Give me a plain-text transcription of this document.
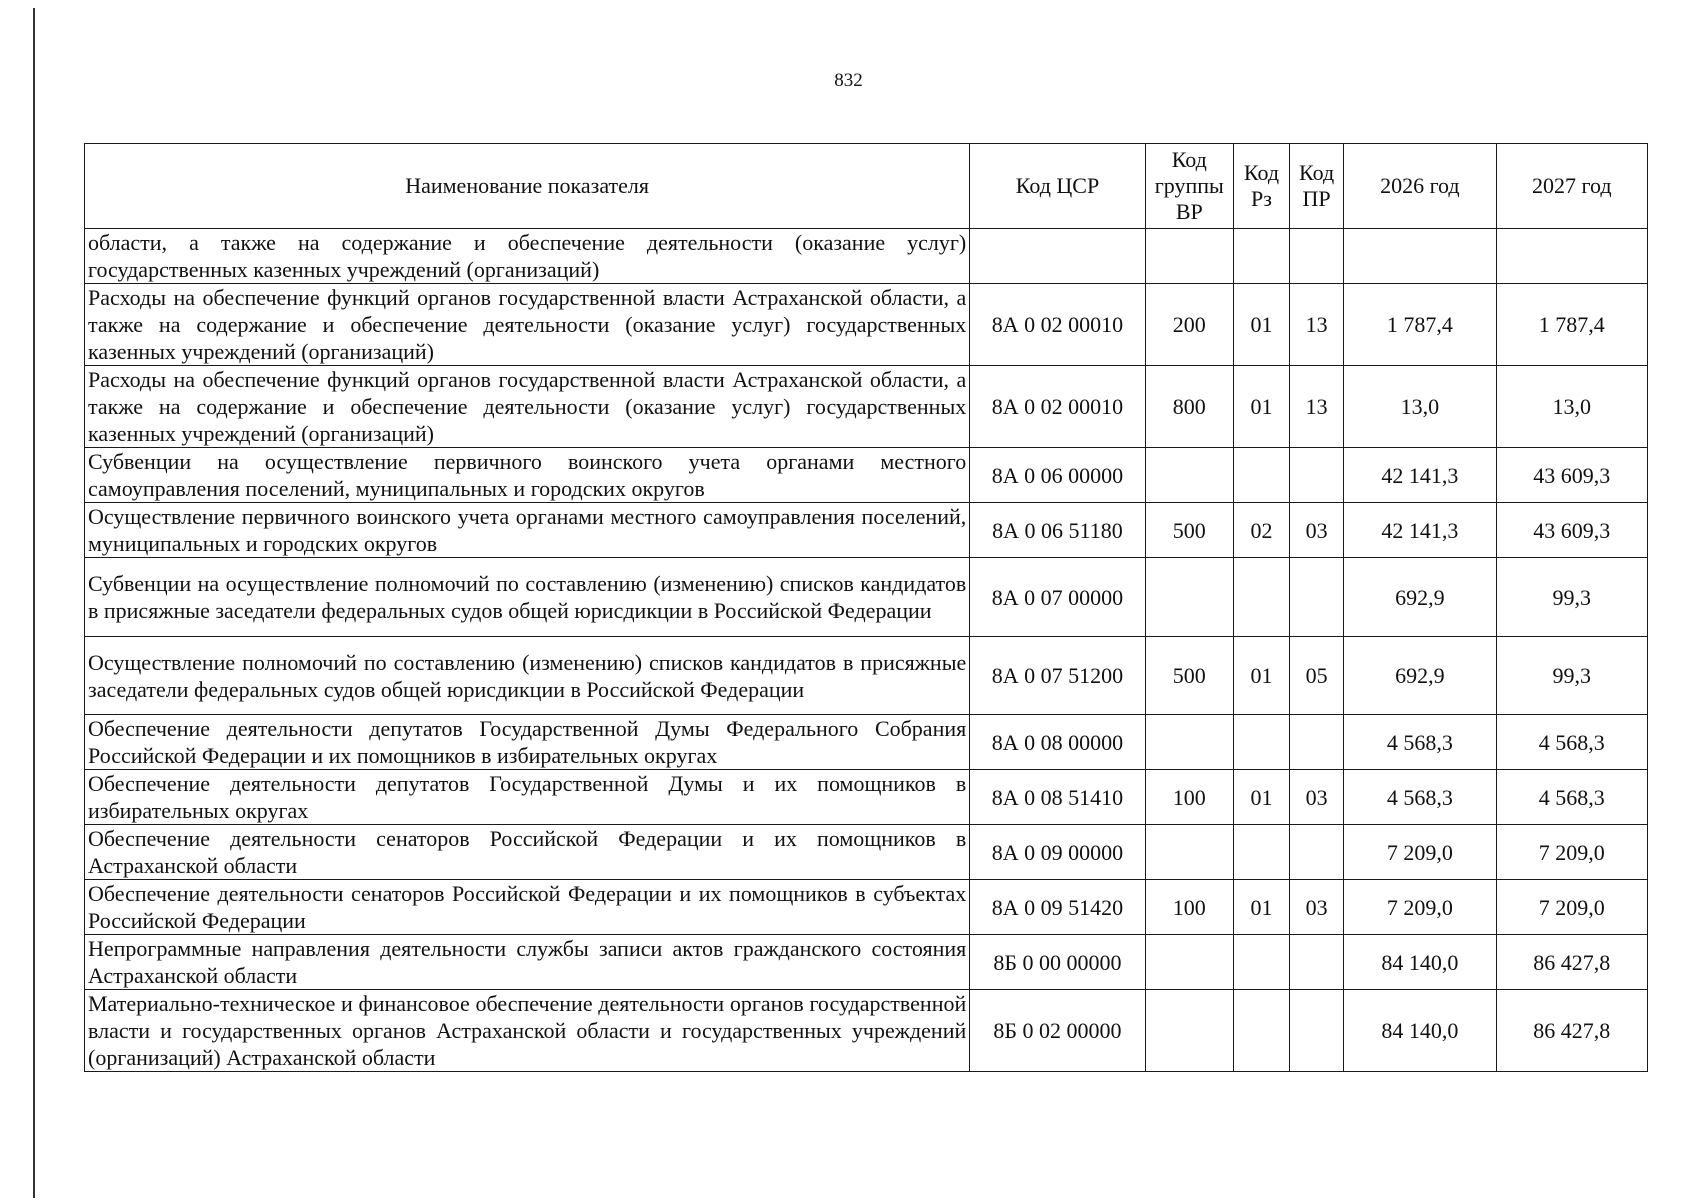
832
Наименование показателя	Код ЦСР	Код группы ВР	Код Рз	Код ПР	2026 год	2027 год
области, а также на содержание и обеспечение деятельности (оказание услуг) государственных казенных учреждений (организаций)						
Расходы на обеспечение функций органов государственной власти Астраханской области, а также на содержание и обеспечение деятельности (оказание услуг) государственных казенных учреждений (организаций)	8А 0 02 00010	200	01	13	1 787,4	1 787,4
Расходы на обеспечение функций органов государственной власти Астраханской области, а также на содержание и обеспечение деятельности (оказание услуг) государственных казенных учреждений (организаций)	8А 0 02 00010	800	01	13	13,0	13,0
Субвенции на осуществление первичного воинского учета органами местного самоуправления поселений, муниципальных и городских округов	8А 0 06 00000				42 141,3	43 609,3
Осуществление первичного воинского учета органами местного самоуправления поселений, муниципальных и городских округов	8А 0 06 51180	500	02	03	42 141,3	43 609,3
Субвенции на осуществление полномочий по составлению (изменению) списков кандидатов в присяжные заседатели федеральных судов общей юрисдикции в Российской Федерации	8А 0 07 00000				692,9	99,3
Осуществление полномочий по составлению (изменению) списков кандидатов в присяжные заседатели федеральных судов общей юрисдикции в Российской Федерации	8А 0 07 51200	500	01	05	692,9	99,3
Обеспечение деятельности депутатов Государственной Думы Федерального Собрания Российской Федерации и их помощников в избирательных округах	8А 0 08 00000				4 568,3	4 568,3
Обеспечение деятельности депутатов Государственной Думы и их помощников в избирательных округах	8А 0 08 51410	100	01	03	4 568,3	4 568,3
Обеспечение деятельности сенаторов Российской Федерации и их помощников в Астраханской области	8А 0 09 00000				7 209,0	7 209,0
Обеспечение деятельности сенаторов Российской Федерации и их помощников в субъектах Российской Федерации	8А 0 09 51420	100	01	03	7 209,0	7 209,0
Непрограммные направления деятельности службы записи актов гражданского состояния Астраханской области	8Б 0 00 00000				84 140,0	86 427,8
Материально-техническое и финансовое обеспечение деятельности органов государственной власти и государственных органов Астраханской области и государственных учреждений (организаций) Астраханской области	8Б 0 02 00000				84 140,0	86 427,8
